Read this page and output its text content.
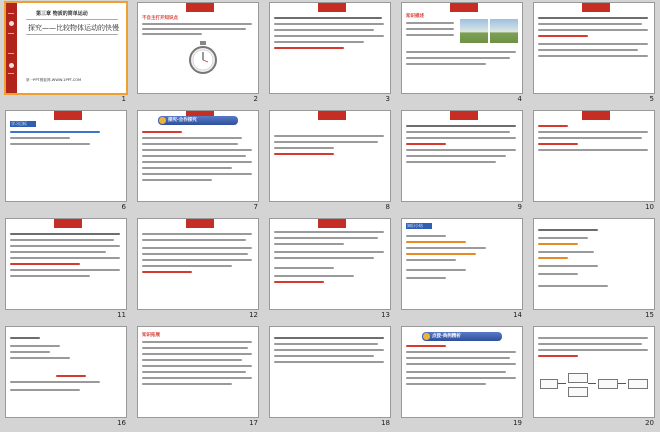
第三章 物质的简单运动
探究——比较物体运动的快慢
第一PPT模板网-WWW.1PPT.COM
1
不自主打开知识点
2	3
知识描述
4	5
学习目标
6
探究·合作探究
7	8	9	10
11	12	13
知识小结
14	15
16
知识拓展
17	18
点拨·典例精析
19	20
